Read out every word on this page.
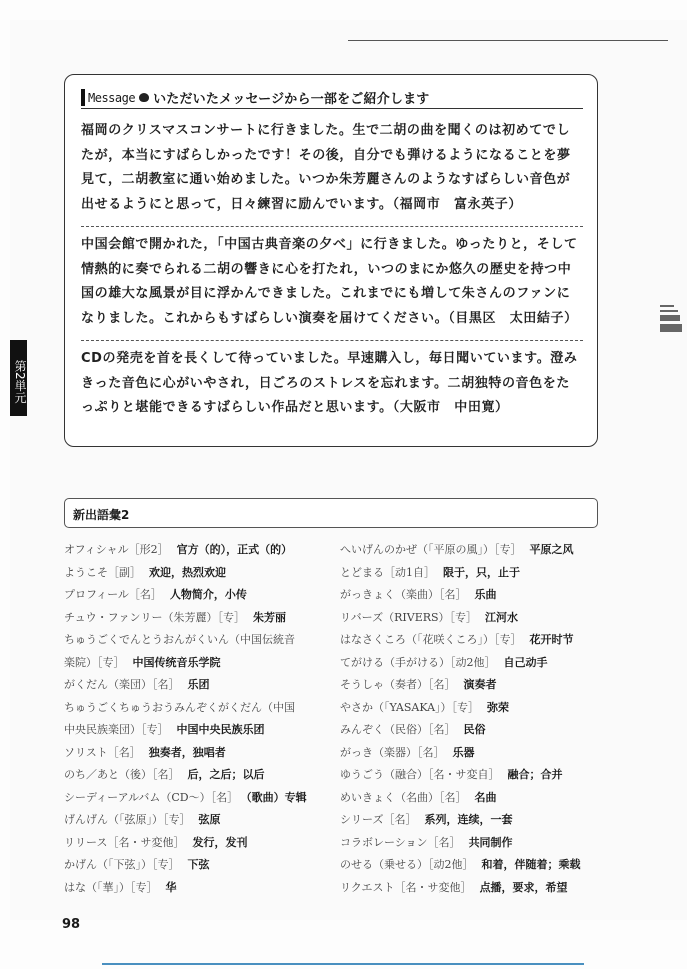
Message いただいたメッセージから一部をご紹介します

福岡のクリスマスコンサートに行きました。生で二胡の曲を聞くのは初めてでしたが，本当にすばらしかったです！その後，自分でも弾けるようになることを夢見て，二胡教室に通い始めました。いつか朱芳麗さんのようなすばらしい音色が出せるようにと思って，日々練習に励んでいます。（福岡市　富永英子）

中国会館で開かれた，「中国古典音楽の夕べ」に行きました。ゆったりと，そして情熱的に奏でられる二胡の響きに心を打たれ，いつのまにか悠久の歴史を持つ中国の雄大な風景が目に浮かんできました。これまでにも増して朱さんのファンになりました。これからもすばらしい演奏を届けてください。（目黒区　太田結子）

CDの発売を首を長くして待っていました。早速購入し，毎日聞いています。澄みきった音色に心がいやされ，日ごろのストレスを忘れます。二胡独特の音色をたっぷりと堪能できるすばらしい作品だと思います。（大阪市　中田寛）

第2単元
新出語彙2
オフィシャル［形2］ 官方（的），正式（的）
ようこそ［副］ 欢迎，热烈欢迎
プロフィール［名］ 人物简介，小传
チュウ・ファンリー（朱芳麗）［专］ 朱芳丽
ちゅうごくでんとうおんがくいん（中国伝統音
楽院）［专］ 中国传统音乐学院
がくだん（楽団）［名］ 乐团
ちゅうごくちゅうおうみんぞくがくだん（中国
中央民族楽団）［专］ 中国中央民族乐团
ソリスト［名］ 独奏者，独唱者
のち／あと（後）［名］ 后，之后；以后
シーディーアルバム（CD〜）［名］ （歌曲）专辑
げんげん（「弦原」）［专］ 弦原
リリース［名・サ変他］ 发行，发刊
かげん（「下弦」）［专］ 下弦
はな（「華」）［专］ 华
へいげんのかぜ（「平原の風」）［专］ 平原之风
とどまる［动1自］ 限于，只，止于
がっきょく（楽曲）［名］ 乐曲
リバーズ（RIVERS）［专］ 江河水
はなさくころ（「花咲くころ」）［专］ 花开时节
てがける（手がける）［动2他］ 自己动手
そうしゃ（奏者）［名］ 演奏者
やさか（「YASAKA」）［专］ 弥荣
みんぞく（民俗）［名］ 民俗
がっき（楽器）［名］ 乐器
ゆうごう（融合）［名・サ変自］ 融合；合并
めいきょく（名曲）［名］ 名曲
シリーズ［名］ 系列，连续，一套
コラボレーション［名］ 共同制作
のせる（乗せる）［动2他］ 和着，伴随着；乘载
リクエスト［名・サ変他］ 点播，要求，希望
98
